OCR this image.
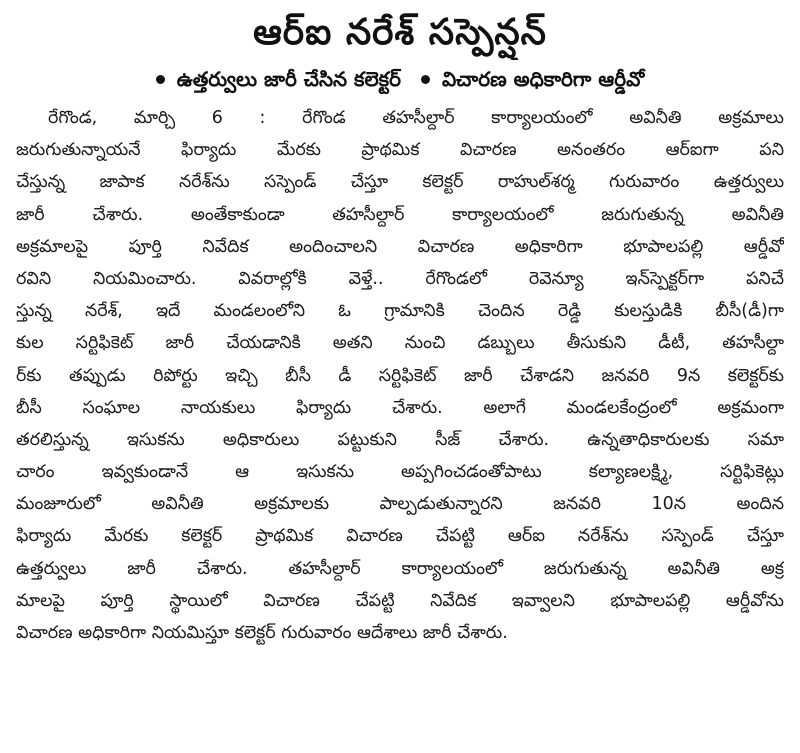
ఆర్‌ఐ నరేశ్ సస్పెన్షన్
ఉత్తర్వులు జారీ చేసిన కలెక్టర్ విచారణ అధికారిగా ఆర్డీవో
రేగొండ, మార్చి 6 : రేగొండ తహసీల్దార్ కార్యాలయంలో అవినీతి అక్రమాలు
జరుగుతున్నాయనే ఫిర్యాదు మేరకు ప్రాథమిక విచారణ అనంతరం ఆర్‌ఐగా పని
చేస్తున్న జాపాక నరేశ్‌ను సస్పెండ్ చేస్తూ కలెక్టర్ రాహుల్‌శర్మ గురువారం ఉత్తర్వులు
జారీ చేశారు. అంతేకాకుండా తహసీల్దార్ కార్యాలయంలో జరుగుతున్న అవినీతి
అక్రమాలపై పూర్తి నివేదిక అందించాలని విచారణ అధికారిగా భూపాలపల్లి ఆర్డీవో
రవిని నియమించారు. వివరాల్లోకి వెళ్తే.. రేగొండలో రెవెన్యూ ఇన్‌స్పెక్టర్‌గా పనిచే
స్తున్న నరేశ్, ఇదే మండలంలోని ఓ గ్రామానికి చెందిన రెడ్డి కులస్తుడికి బీసీ(డీ)గా
కుల సర్టిఫికెట్ జారీ చేయడానికి అతని నుంచి డబ్బులు తీసుకుని డీటీ, తహసీల్దా
ర్‌కు తప్పుడు రిపోర్టు ఇచ్చి బీసీ డీ సర్టిఫికెట్ జారీ చేశాడని జనవరి 9న కలెక్టర్‌కు
బీసీ సంఘాల నాయకులు ఫిర్యాదు చేశారు. అలాగే మండలకేంద్రంలో అక్రమంగా
తరలిస్తున్న ఇసుకను అధికారులు పట్టుకుని సీజ్ చేశారు. ఉన్నతాధికారులకు సమా
చారం ఇవ్వకుండానే ఆ ఇసుకను అప్పగించడంతోపాటు కల్యాణలక్ష్మి, సర్టిఫికెట్లు
మంజూరులో అవినీతి అక్రమాలకు పాల్పడుతున్నారని జనవరి 10న అందిన
ఫిర్యాదు మేరకు కలెక్టర్ ప్రాథమిక విచారణ చేపట్టి ఆర్‌ఐ నరేశ్‌ను సస్పెండ్ చేస్తూ
ఉత్తర్వులు జారీ చేశారు. తహసీల్దార్ కార్యాలయంలో జరుగుతున్న అవినీతి అక్ర
మాలపై పూర్తి స్థాయిలో విచారణ చేపట్టి నివేదిక ఇవ్వాలని భూపాలపల్లి ఆర్డీవోను
విచారణ అధికారిగా నియమిస్తూ కలెక్టర్ గురువారం ఆదేశాలు జారీ చేశారు.
